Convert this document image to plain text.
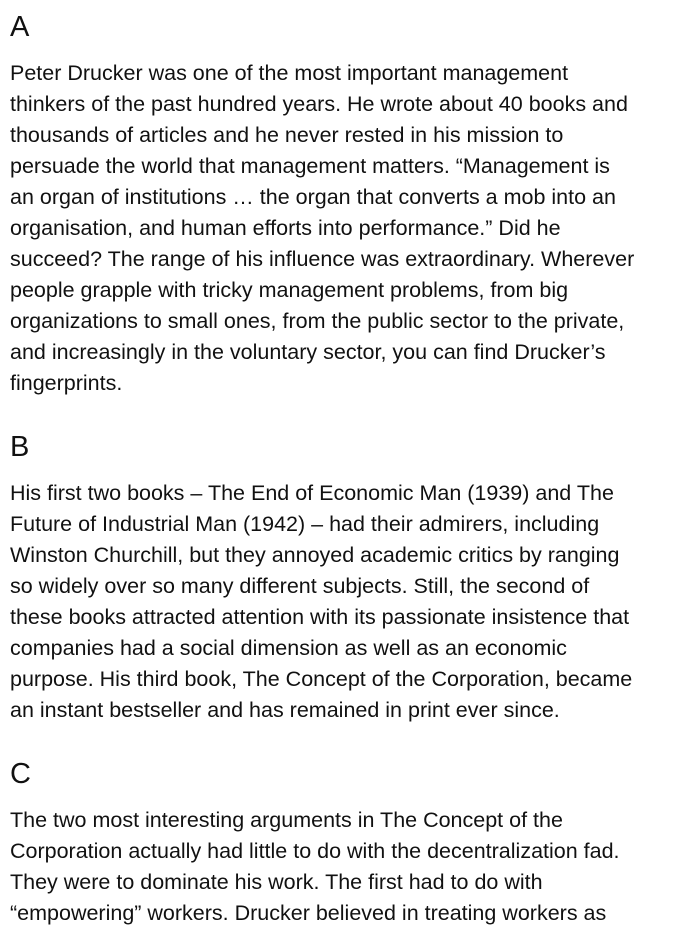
A

Peter Drucker was one of the most important management
thinkers of the past hundred years. He wrote about 40 books and
thousands of articles and he never rested in his mission to
persuade the world that management matters. “Management is
an organ of institutions … the organ that converts a mob into an
organisation, and human efforts into performance.” Did he
succeed? The range of his influence was extraordinary. Wherever
people grapple with tricky management problems, from big
organizations to small ones, from the public sector to the private,
and increasingly in the voluntary sector, you can find Drucker’s
fingerprints.

B

His first two books – The End of Economic Man (1939) and The
Future of Industrial Man (1942) – had their admirers, including
Winston Churchill, but they annoyed academic critics by ranging
so widely over so many different subjects. Still, the second of
these books attracted attention with its passionate insistence that
companies had a social dimension as well as an economic
purpose. His third book, The Concept of the Corporation, became
an instant bestseller and has remained in print ever since.

C

The two most interesting arguments in The Concept of the
Corporation actually had little to do with the decentralization fad.
They were to dominate his work. The first had to do with
“empowering” workers. Drucker believed in treating workers as
